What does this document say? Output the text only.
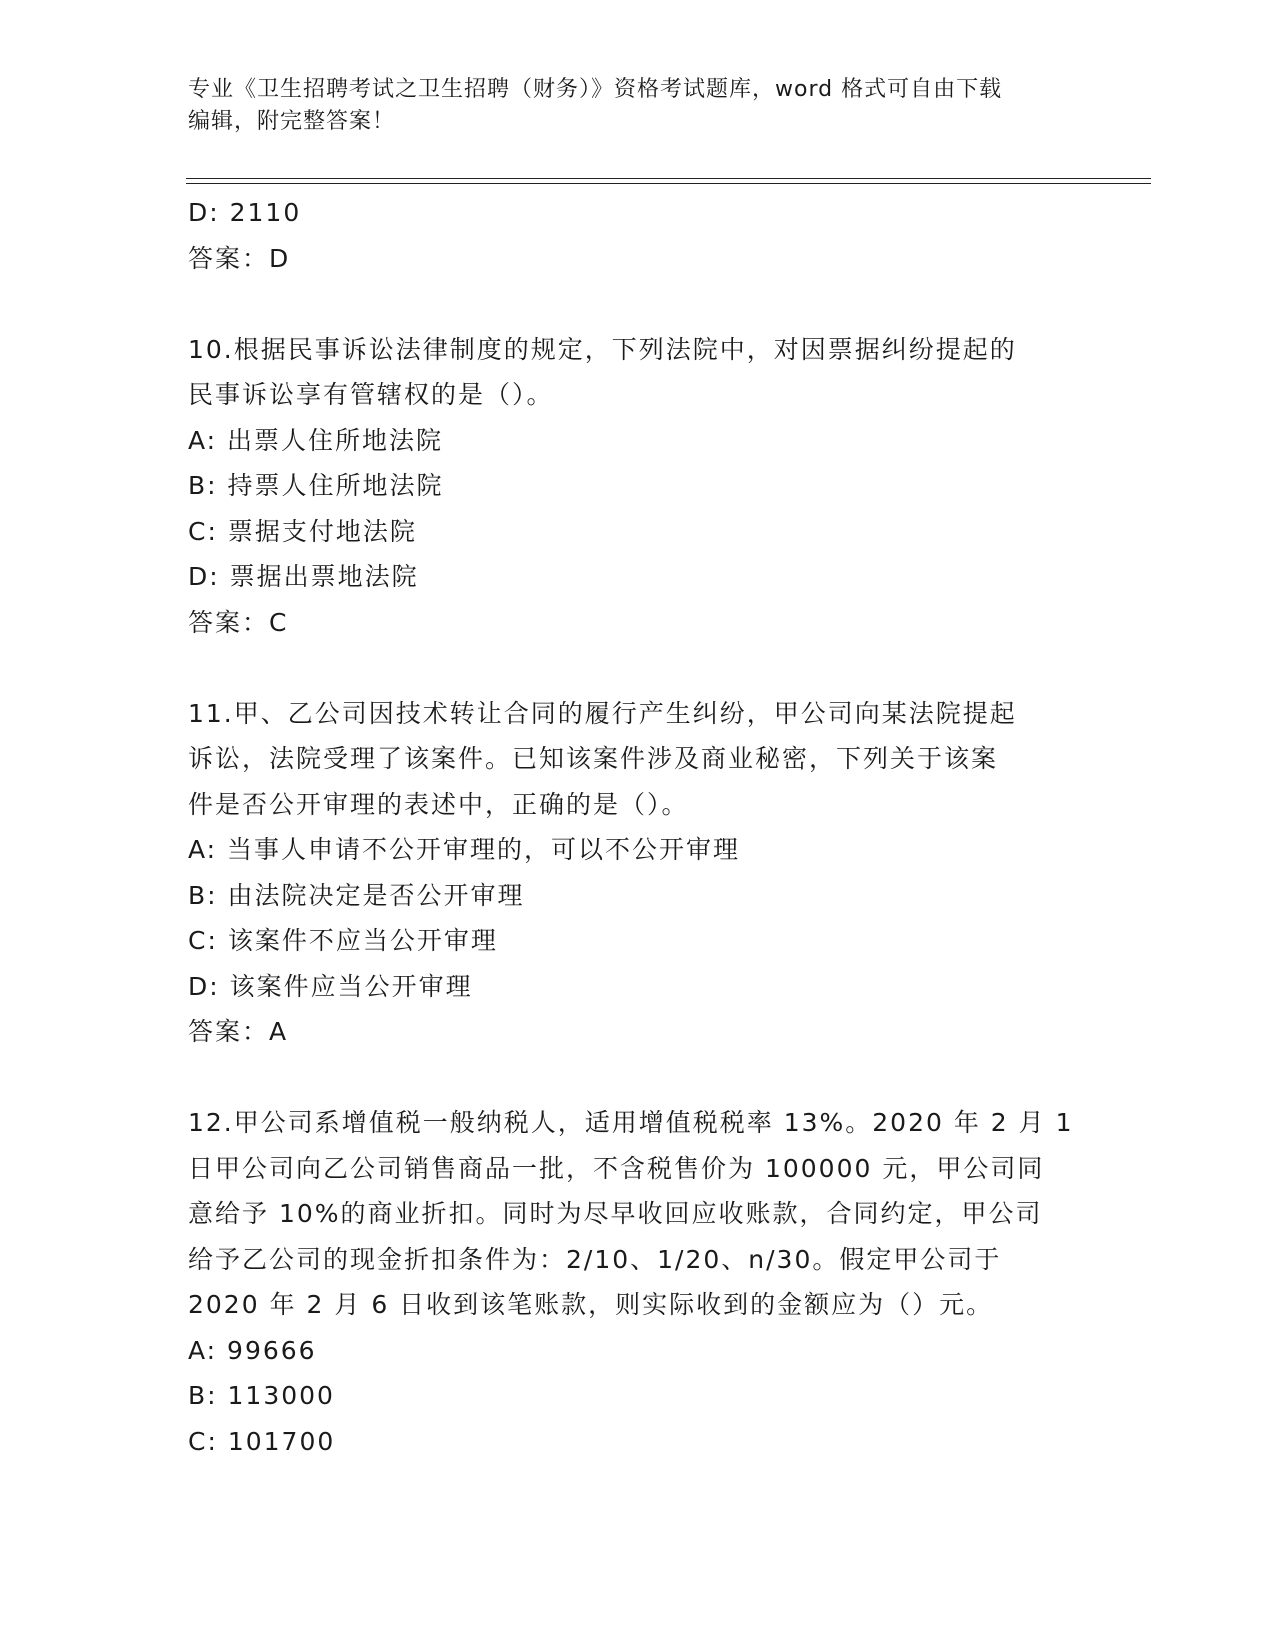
专业《卫生招聘考试之卫生招聘（财务）》资格考试题库，word 格式可自由下载
编辑，附完整答案！
D: 2110
答案：D
10.根据民事诉讼法律制度的规定，下列法院中，对因票据纠纷提起的
民事诉讼享有管辖权的是（）。
A: 出票人住所地法院
B: 持票人住所地法院
C: 票据支付地法院
D: 票据出票地法院
答案：C
11.甲、乙公司因技术转让合同的履行产生纠纷，甲公司向某法院提起
诉讼，法院受理了该案件。已知该案件涉及商业秘密，下列关于该案
件是否公开审理的表述中，正确的是（）。
A: 当事人申请不公开审理的，可以不公开审理
B: 由法院决定是否公开审理
C: 该案件不应当公开审理
D: 该案件应当公开审理
答案：A
12.甲公司系增值税一般纳税人，适用增值税税率 13%。2020 年 2 月 1
日甲公司向乙公司销售商品一批，不含税售价为 100000 元，甲公司同
意给予 10%的商业折扣。同时为尽早收回应收账款，合同约定，甲公司
给予乙公司的现金折扣条件为：2/10、1/20、n/30。假定甲公司于
2020 年 2 月 6 日收到该笔账款，则实际收到的金额应为（）元。
A: 99666
B: 113000
C: 101700
